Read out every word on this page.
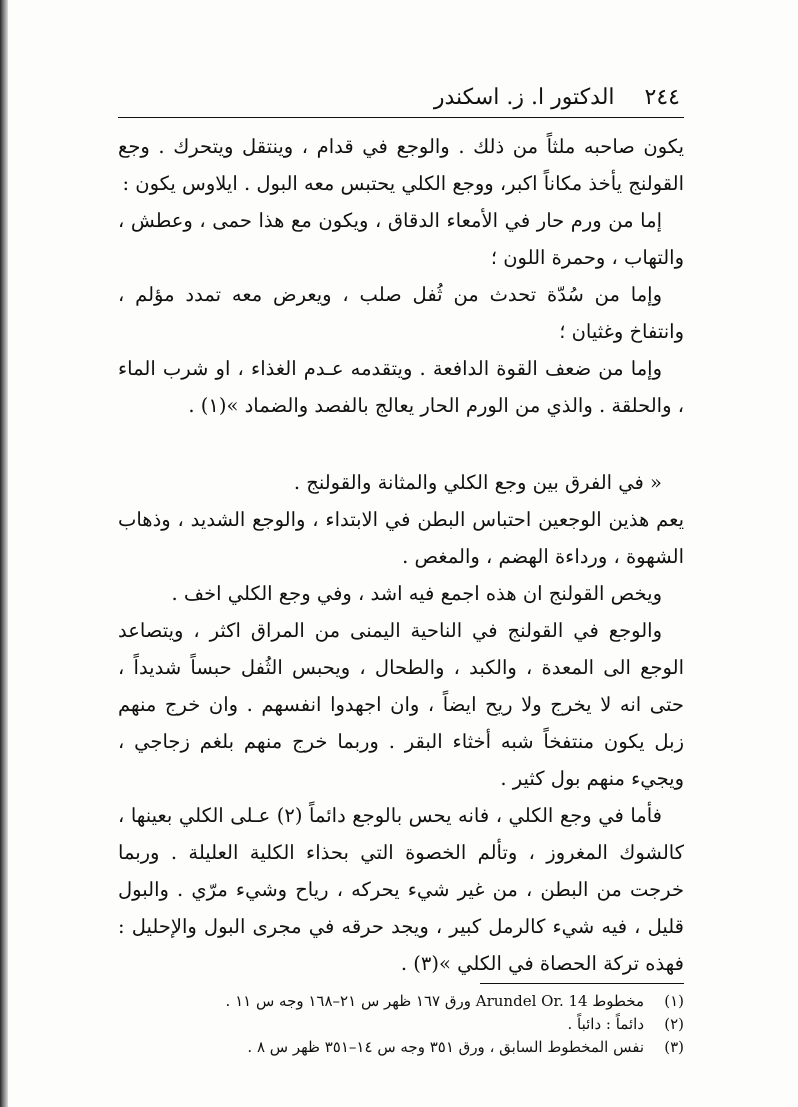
٢٤٤
الدكتور ا. ز. اسكندر

يكون صاحبه ملثاً من ذلك . والوجع في قدام ، وينتقل ويتحرك . وجع القولنج يأخذ مكاناً اكبر، ووجع الكلي يحتبس معه البول . ايلاوس يكون :

إما من ورم حار في الأمعاء الدقاق ، ويكون مع هذا حمى ، وعطش ، والتهاب ، وحمرة اللون ؛

وإما من سُدّة تحدث من ثُفل صلب ، ويعرض معه تمدد مؤلم ، وانتفاخ وغثيان ؛

وإما من ضعف القوة الدافعة . ويتقدمه عـدم الغذاء ، او شرب الماء ، والحلقة . والذي من الورم الحار يعالج بالفصد والضماد »(١) .

« في الفرق بين وجع الكلي والمثانة والقولنج .

يعم هذين الوجعين احتباس البطن في الابتداء ، والوجع الشديد ، وذهاب الشهوة ، ورداءة الهضم ، والمغص .

ويخص القولنج ان هذه اجمع فيه اشد ، وفي وجع الكلي اخف .

والوجع في القولنج في الناحية اليمنى من المراق اكثر ، ويتصاعد الوجع الى المعدة ، والكبد ، والطحال ، ويحبس الثُفل حبساً شديداً ، حتى انه لا يخرج ولا ريح ايضاً ، وان اجهدوا انفسهم . وان خرج منهم زبل يكون منتفخاً شبه أخثاء البقر . وربما خرج منهم بلغم زجاجي ، ويجيء منهم بول كثير .

فأما في وجع الكلي ، فانه يحس بالوجع دائماً (٢) عـلى الكلي بعينها ، كالشوك المغروز ، وتألم الخصوة التي بحذاء الكلية العليلة . وربما خرجت من البطن ، من غير شيء يحركه ، رياح وشيء مرّي . والبول قليل ، فيه شيء كالرمل كبير ، ويجد حرقه في مجرى البول والإحليل : فهذه تركة الحصاة في الكلي »(٣) .

(١)
مخطوط Arundel Or. 14 ورق ١٦٧ ظهر س ٢١–١٦٨ وجه س ١١ .
(٢)
دائماً : دائباً .
(٣)
نفس المخطوط السابق ، ورق ٣٥١ وجه س ١٤–٣٥١ ظهر س ٨ .
